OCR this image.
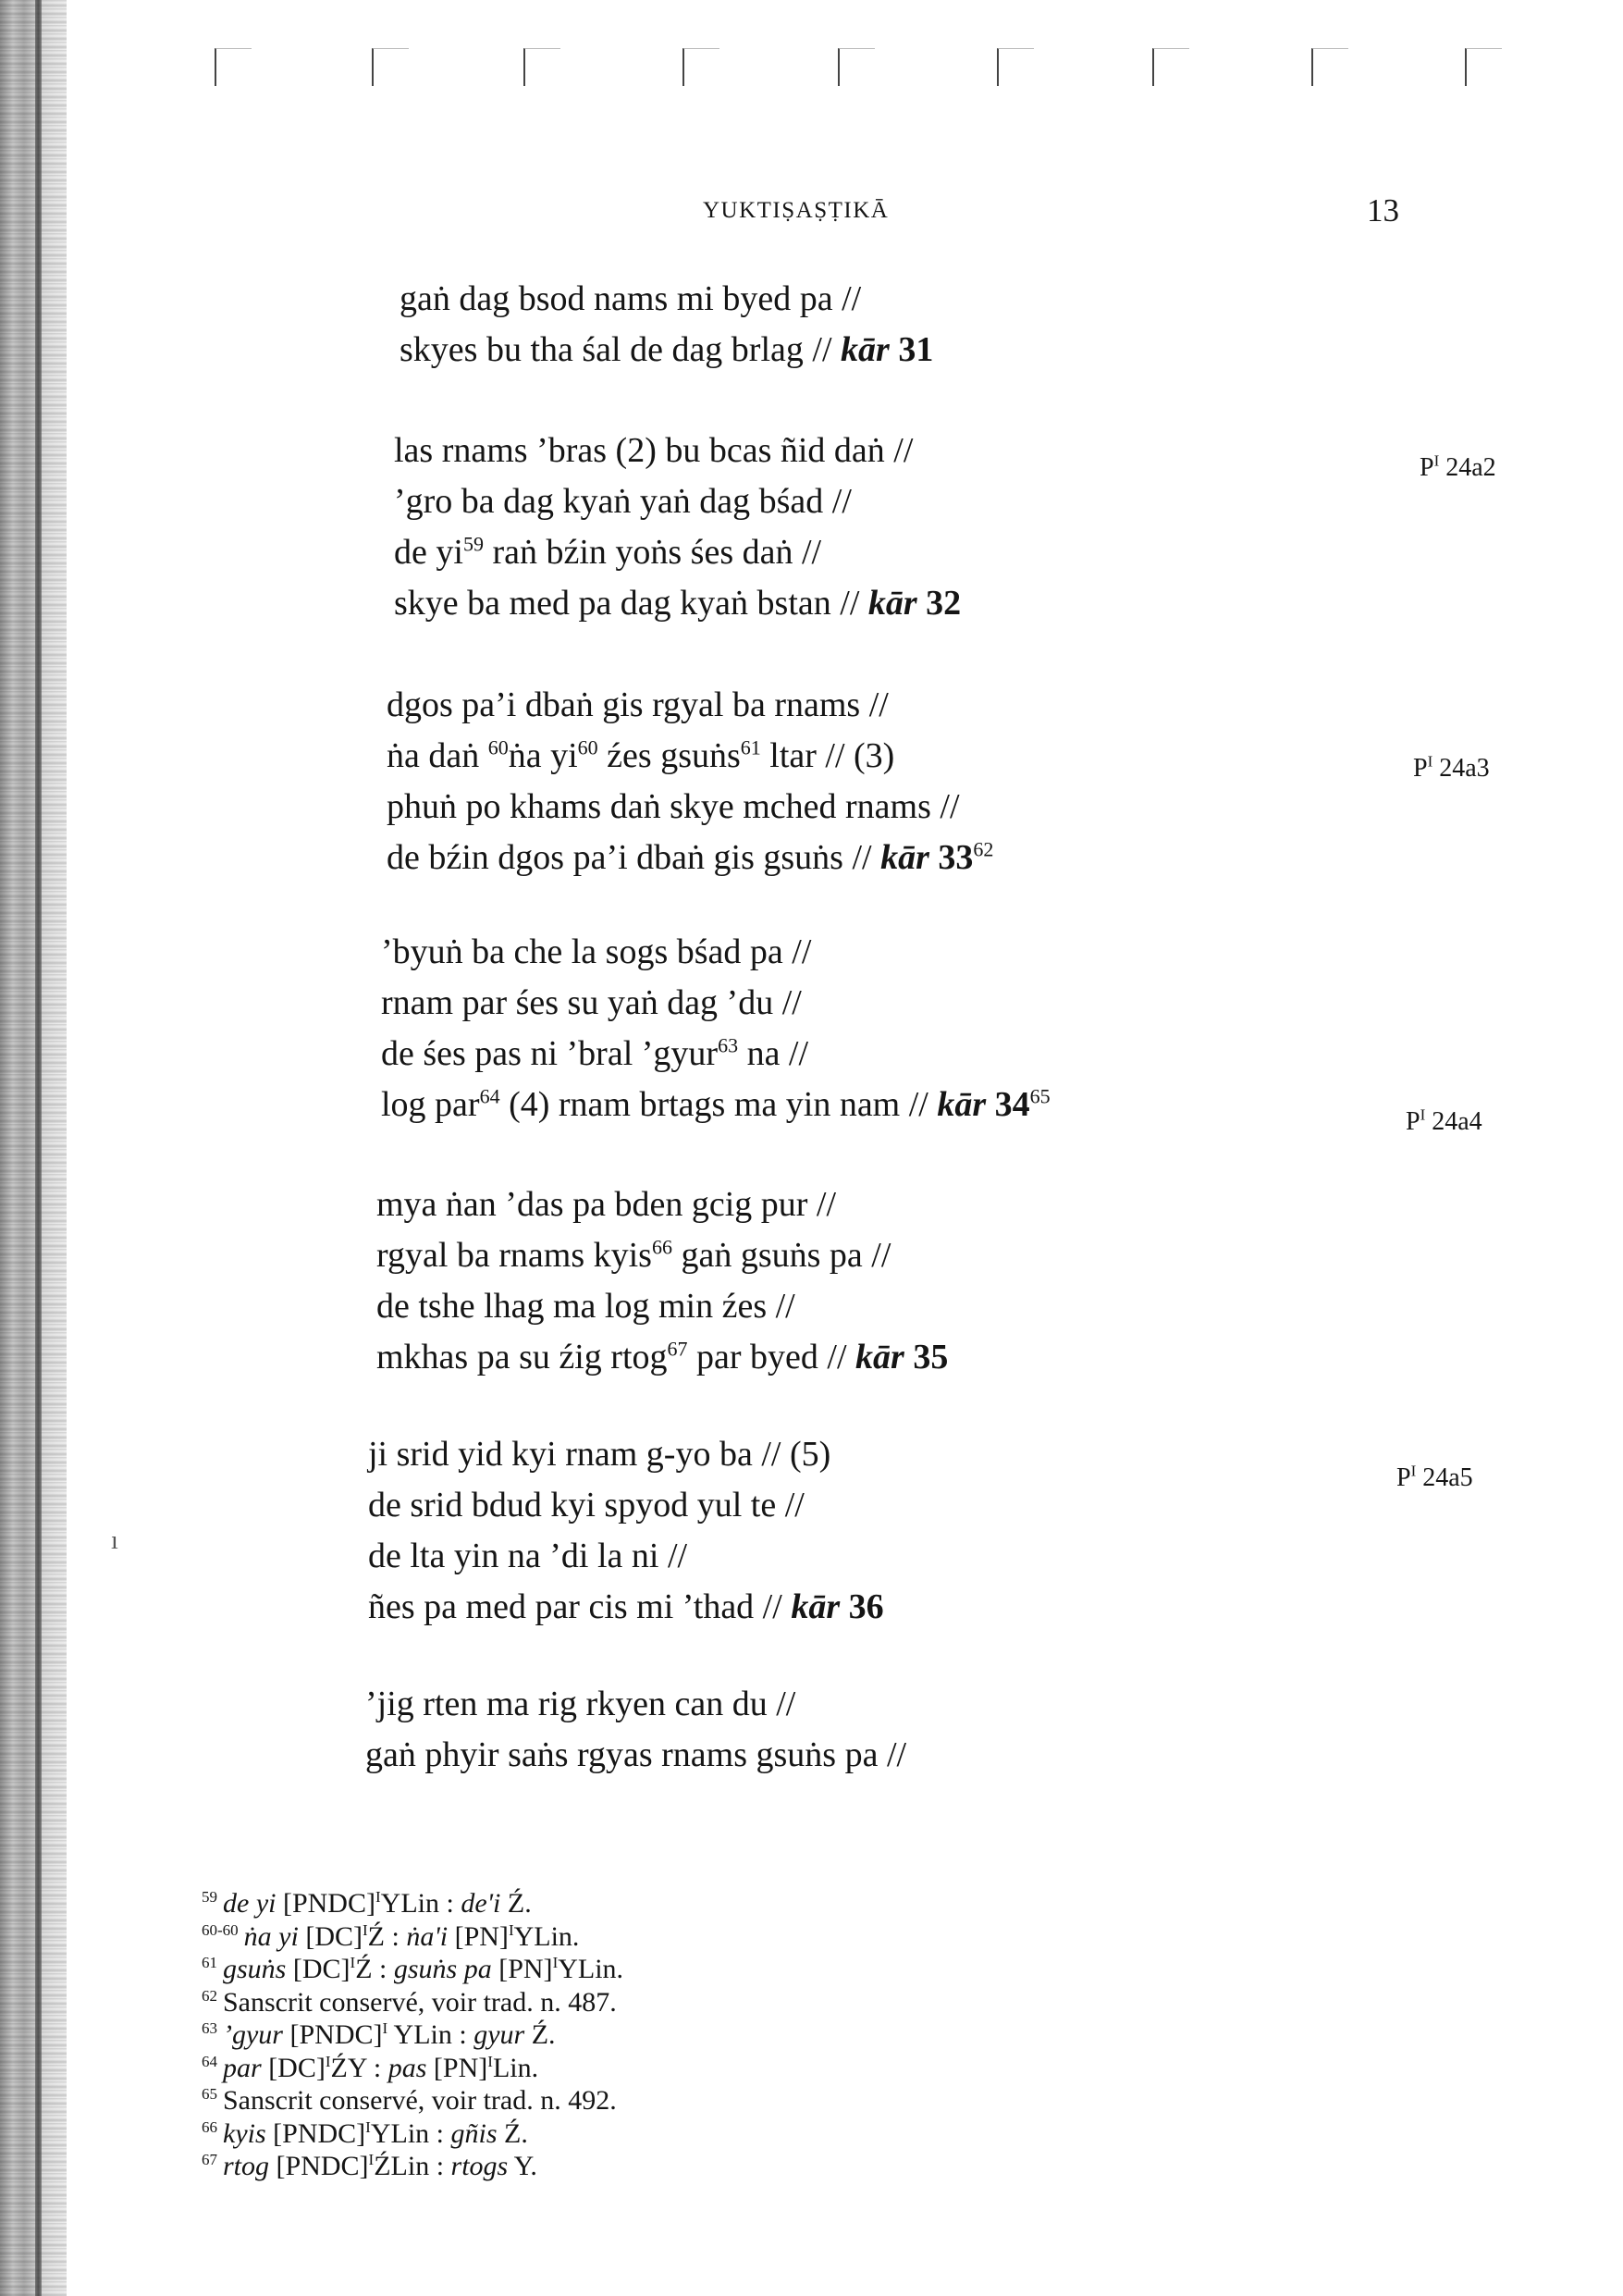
YUKTIṢAṢṬIKĀ	13
gaṅ dag bsod nams mi byed pa //
skyes bu tha śal de dag brlag // kār 31
las rnams ’bras (2) bu bcas ñid daṅ //
’gro ba dag kyaṅ yaṅ dag bśad //
de $yi^{59}$ raṅ bźin yoṅs śes daṅ //
skye ba med pa dag kyaṅ bstan // kār 32
dgos pa’i dbaṅ gis rgyal ba rnams //
ṅa daṅ $^{60}$ṅa $yi^{60}$ źes gsuṅs$^{61}$ ltar // (3)
phuṅ po khams daṅ skye mched rnams //
de bźin dgos pa’i dbaṅ gis gsuṅs // kār $33^{62}$
’byuṅ ba che la sogs bśad pa //
rnam par śes su yaṅ dag ’du //
de śes pas ni ’bral ’gyur$^{63}$ na //
log par$^{64}$ (4) rnam brtags ma yin nam // kār $34^{65}$
mya ṅan ’das pa bden gcig pur //
rgyal ba rnams kyis$^{66}$ gaṅ gsuṅs pa //
de tshe lhag ma log min źes //
mkhas pa su źig rtog$^{67}$ par byed // kār 35
ji srid yid kyi rnam g-yo ba // (5)
de srid bdud kyi spyod yul te //
de lta yin na ’di la ni //
ñes pa med par cis mi ’thad // kār 36
’jig rten ma rig rkyen can du //
gaṅ phyir saṅs rgyas rnams gsuṅs pa //
$P^I$ 24a2
$P^I$ 24a3
$P^I$ 24a4
$P^I$ 24a5
$^{59}$ de yi [PNDC]$^I$YLin : de'i Ź.
$^{60-60}$ ṅa yi [DC]$^I$Ź : ṅa'i [PN]$^I$YLin.
$^{61}$ gsuṅs [DC]$^I$Ź : gsuṅs pa [PN]$^I$YLin.
$^{62}$ Sanscrit conservé, voir trad. n. 487.
$^{63}$ ’gyur [PNDC]$^I$ YLin : gyur Ź.
$^{64}$ par [DC]$^I$ŹY : pas [PN]$^I$Lin.
$^{65}$ Sanscrit conservé, voir trad. n. 492.
$^{66}$ kyis [PNDC]$^I$YLin : gñis Ź.
$^{67}$ rtog [PNDC]$^I$ŹLin : rtogs Y.
ı
